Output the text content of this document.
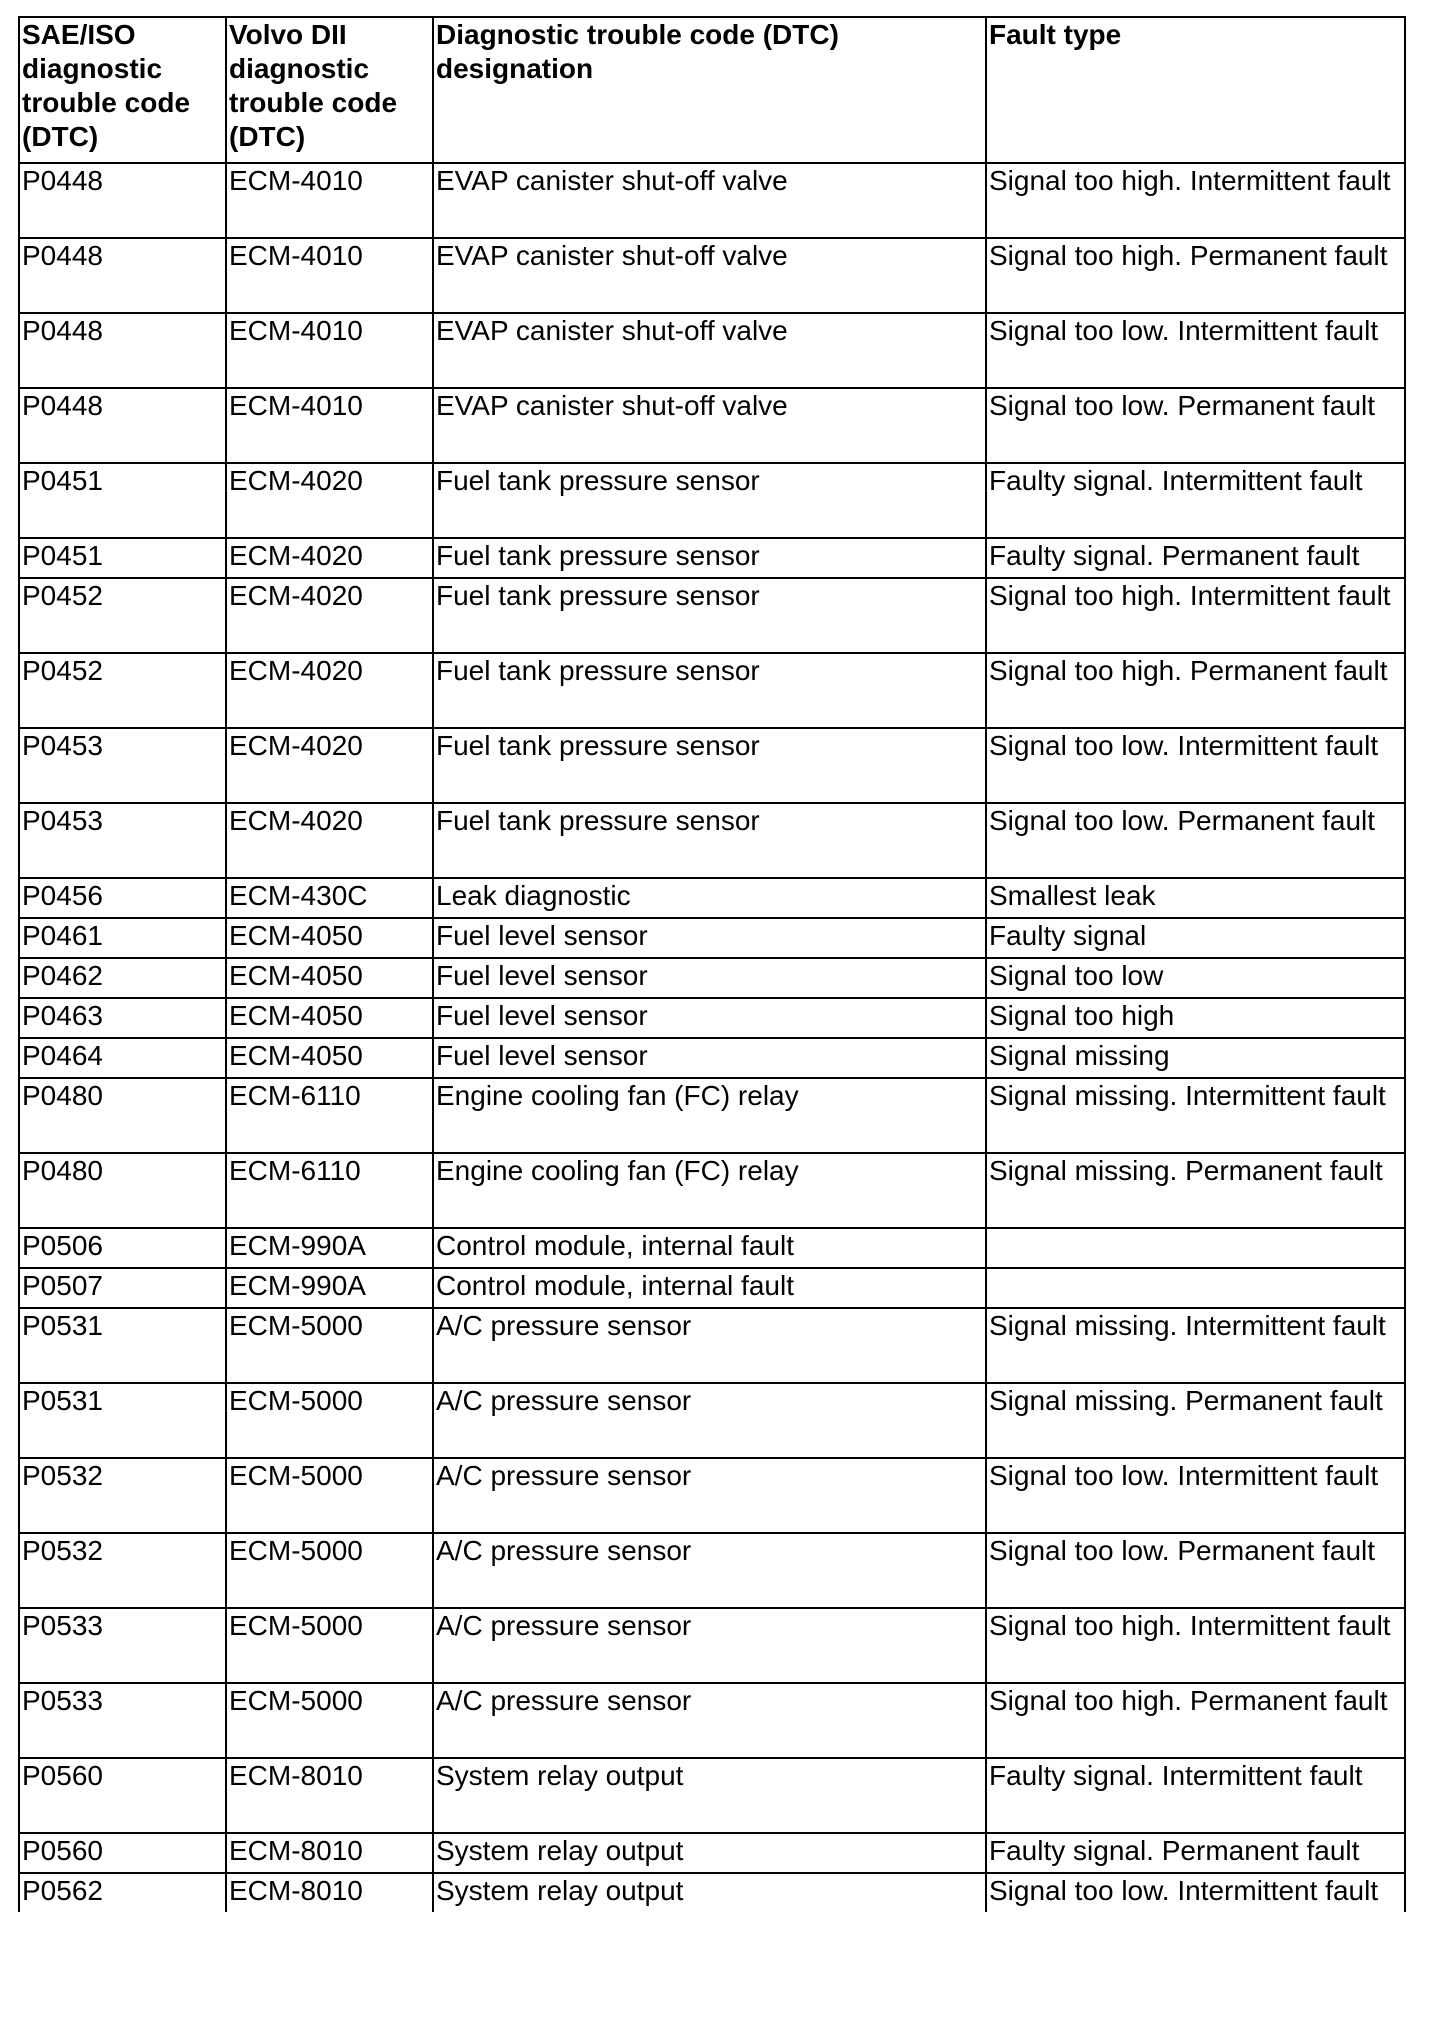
SAE/ISO diagnostic trouble code (DTC)	Volvo DII diagnostic trouble code (DTC)	Diagnostic trouble code (DTC) designation	Fault type
P0448	ECM-4010	EVAP canister shut-off valve	Signal too high. Intermittent fault
P0448	ECM-4010	EVAP canister shut-off valve	Signal too high. Permanent fault
P0448	ECM-4010	EVAP canister shut-off valve	Signal too low. Intermittent fault
P0448	ECM-4010	EVAP canister shut-off valve	Signal too low. Permanent fault
P0451	ECM-4020	Fuel tank pressure sensor	Faulty signal. Intermittent fault
P0451	ECM-4020	Fuel tank pressure sensor	Faulty signal. Permanent fault
P0452	ECM-4020	Fuel tank pressure sensor	Signal too high. Intermittent fault
P0452	ECM-4020	Fuel tank pressure sensor	Signal too high. Permanent fault
P0453	ECM-4020	Fuel tank pressure sensor	Signal too low. Intermittent fault
P0453	ECM-4020	Fuel tank pressure sensor	Signal too low. Permanent fault
P0456	ECM-430C	Leak diagnostic	Smallest leak
P0461	ECM-4050	Fuel level sensor	Faulty signal
P0462	ECM-4050	Fuel level sensor	Signal too low
P0463	ECM-4050	Fuel level sensor	Signal too high
P0464	ECM-4050	Fuel level sensor	Signal missing
P0480	ECM-6110	Engine cooling fan (FC) relay	Signal missing. Intermittent fault
P0480	ECM-6110	Engine cooling fan (FC) relay	Signal missing. Permanent fault
P0506	ECM-990A	Control module, internal fault	
P0507	ECM-990A	Control module, internal fault	
P0531	ECM-5000	A/C pressure sensor	Signal missing. Intermittent fault
P0531	ECM-5000	A/C pressure sensor	Signal missing. Permanent fault
P0532	ECM-5000	A/C pressure sensor	Signal too low. Intermittent fault
P0532	ECM-5000	A/C pressure sensor	Signal too low. Permanent fault
P0533	ECM-5000	A/C pressure sensor	Signal too high. Intermittent fault
P0533	ECM-5000	A/C pressure sensor	Signal too high. Permanent fault
P0560	ECM-8010	System relay output	Faulty signal. Intermittent fault
P0560	ECM-8010	System relay output	Faulty signal. Permanent fault
P0562	ECM-8010	System relay output	Signal too low. Intermittent fault
